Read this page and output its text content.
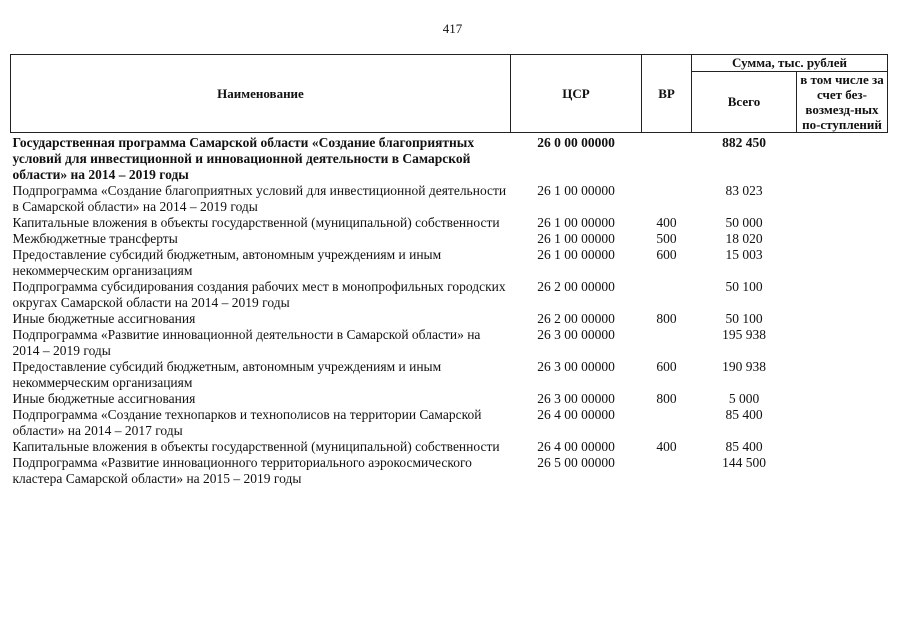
417
Наименование	ЦСР	ВР	Сумма, тыс. рублей	
			Всего	в том числе за счет без-возмезд-ных по-ступлений

Государственная программа Самарской области «Создание благоприятных условий для инвестиционной и инновационной деятельности в Самарской области» на 2014 – 2019 годы	26 0 00 00000		882 450	
Подпрограмма «Создание благоприятных условий для инвестиционной деятельности в Самарской области» на 2014 – 2019 годы	26 1 00 00000		83 023	
Капитальные вложения в объекты государственной (муниципальной) собственности	26 1 00 00000	400	50 000	
Межбюджетные трансферты	26 1 00 00000	500	18 020	
Предоставление субсидий бюджетным, автономным учреждениям и иным некоммерческим организациям	26 1 00 00000	600	15 003	
Подпрограмма субсидирования создания рабочих мест в монопрофильных городских округах Самарской области на 2014 – 2019 годы	26 2 00 00000		50 100	
Иные бюджетные ассигнования	26 2 00 00000	800	50 100	
Подпрограмма «Развитие инновационной деятельности в Самарской области» на 2014 – 2019 годы	26 3 00 00000		195 938	
Предоставление субсидий бюджетным, автономным учреждениям и иным некоммерческим организациям	26 3 00 00000	600	190 938	
Иные бюджетные ассигнования	26 3 00 00000	800	5 000	
Подпрограмма «Создание технопарков и технополисов на территории Самарской области» на 2014 – 2017 годы	26 4 00 00000		85 400	
Капитальные вложения в объекты государственной (муниципальной) собственности	26 4 00 00000	400	85 400	
Подпрограмма «Развитие инновационного территориального аэрокосмического кластера Самарской области» на 2015 – 2019 годы	26 5 00 00000		144 500	
